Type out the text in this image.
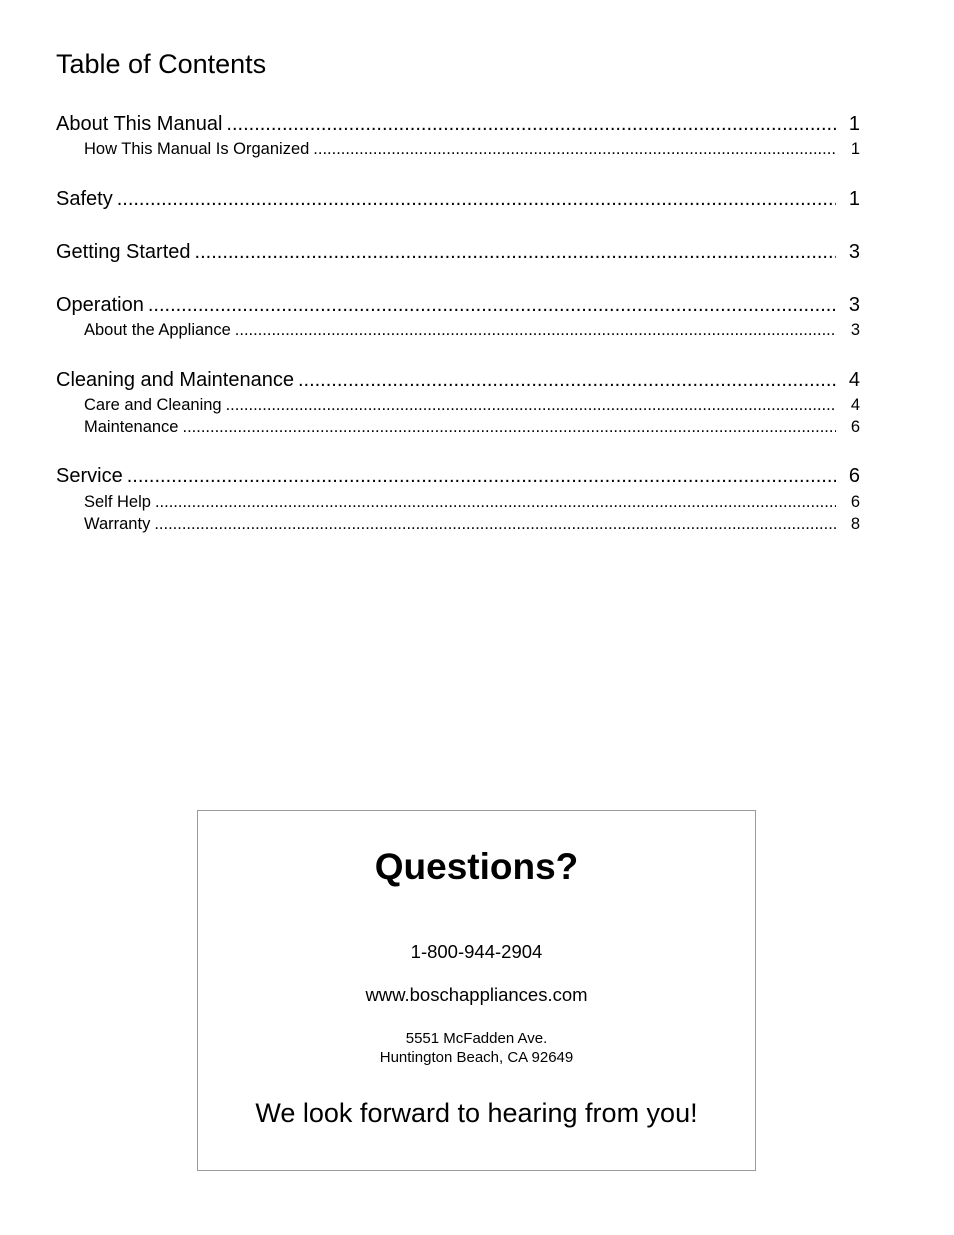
Table of Contents
About This Manual .....	1
How This Manual Is Organized .....	1
Safety .....	1
Getting Started .....	3
Operation .....	3
About the Appliance .....	3
Cleaning and Maintenance .....	4
Care and Cleaning .....	4
Maintenance .....	6
Service .....	6
Self Help .....	6
Warranty .....	8
Questions?
1-800-944-2904
www.boschappliances.com
5551 McFadden Ave.
Huntington Beach, CA 92649
We look forward to hearing from you!
